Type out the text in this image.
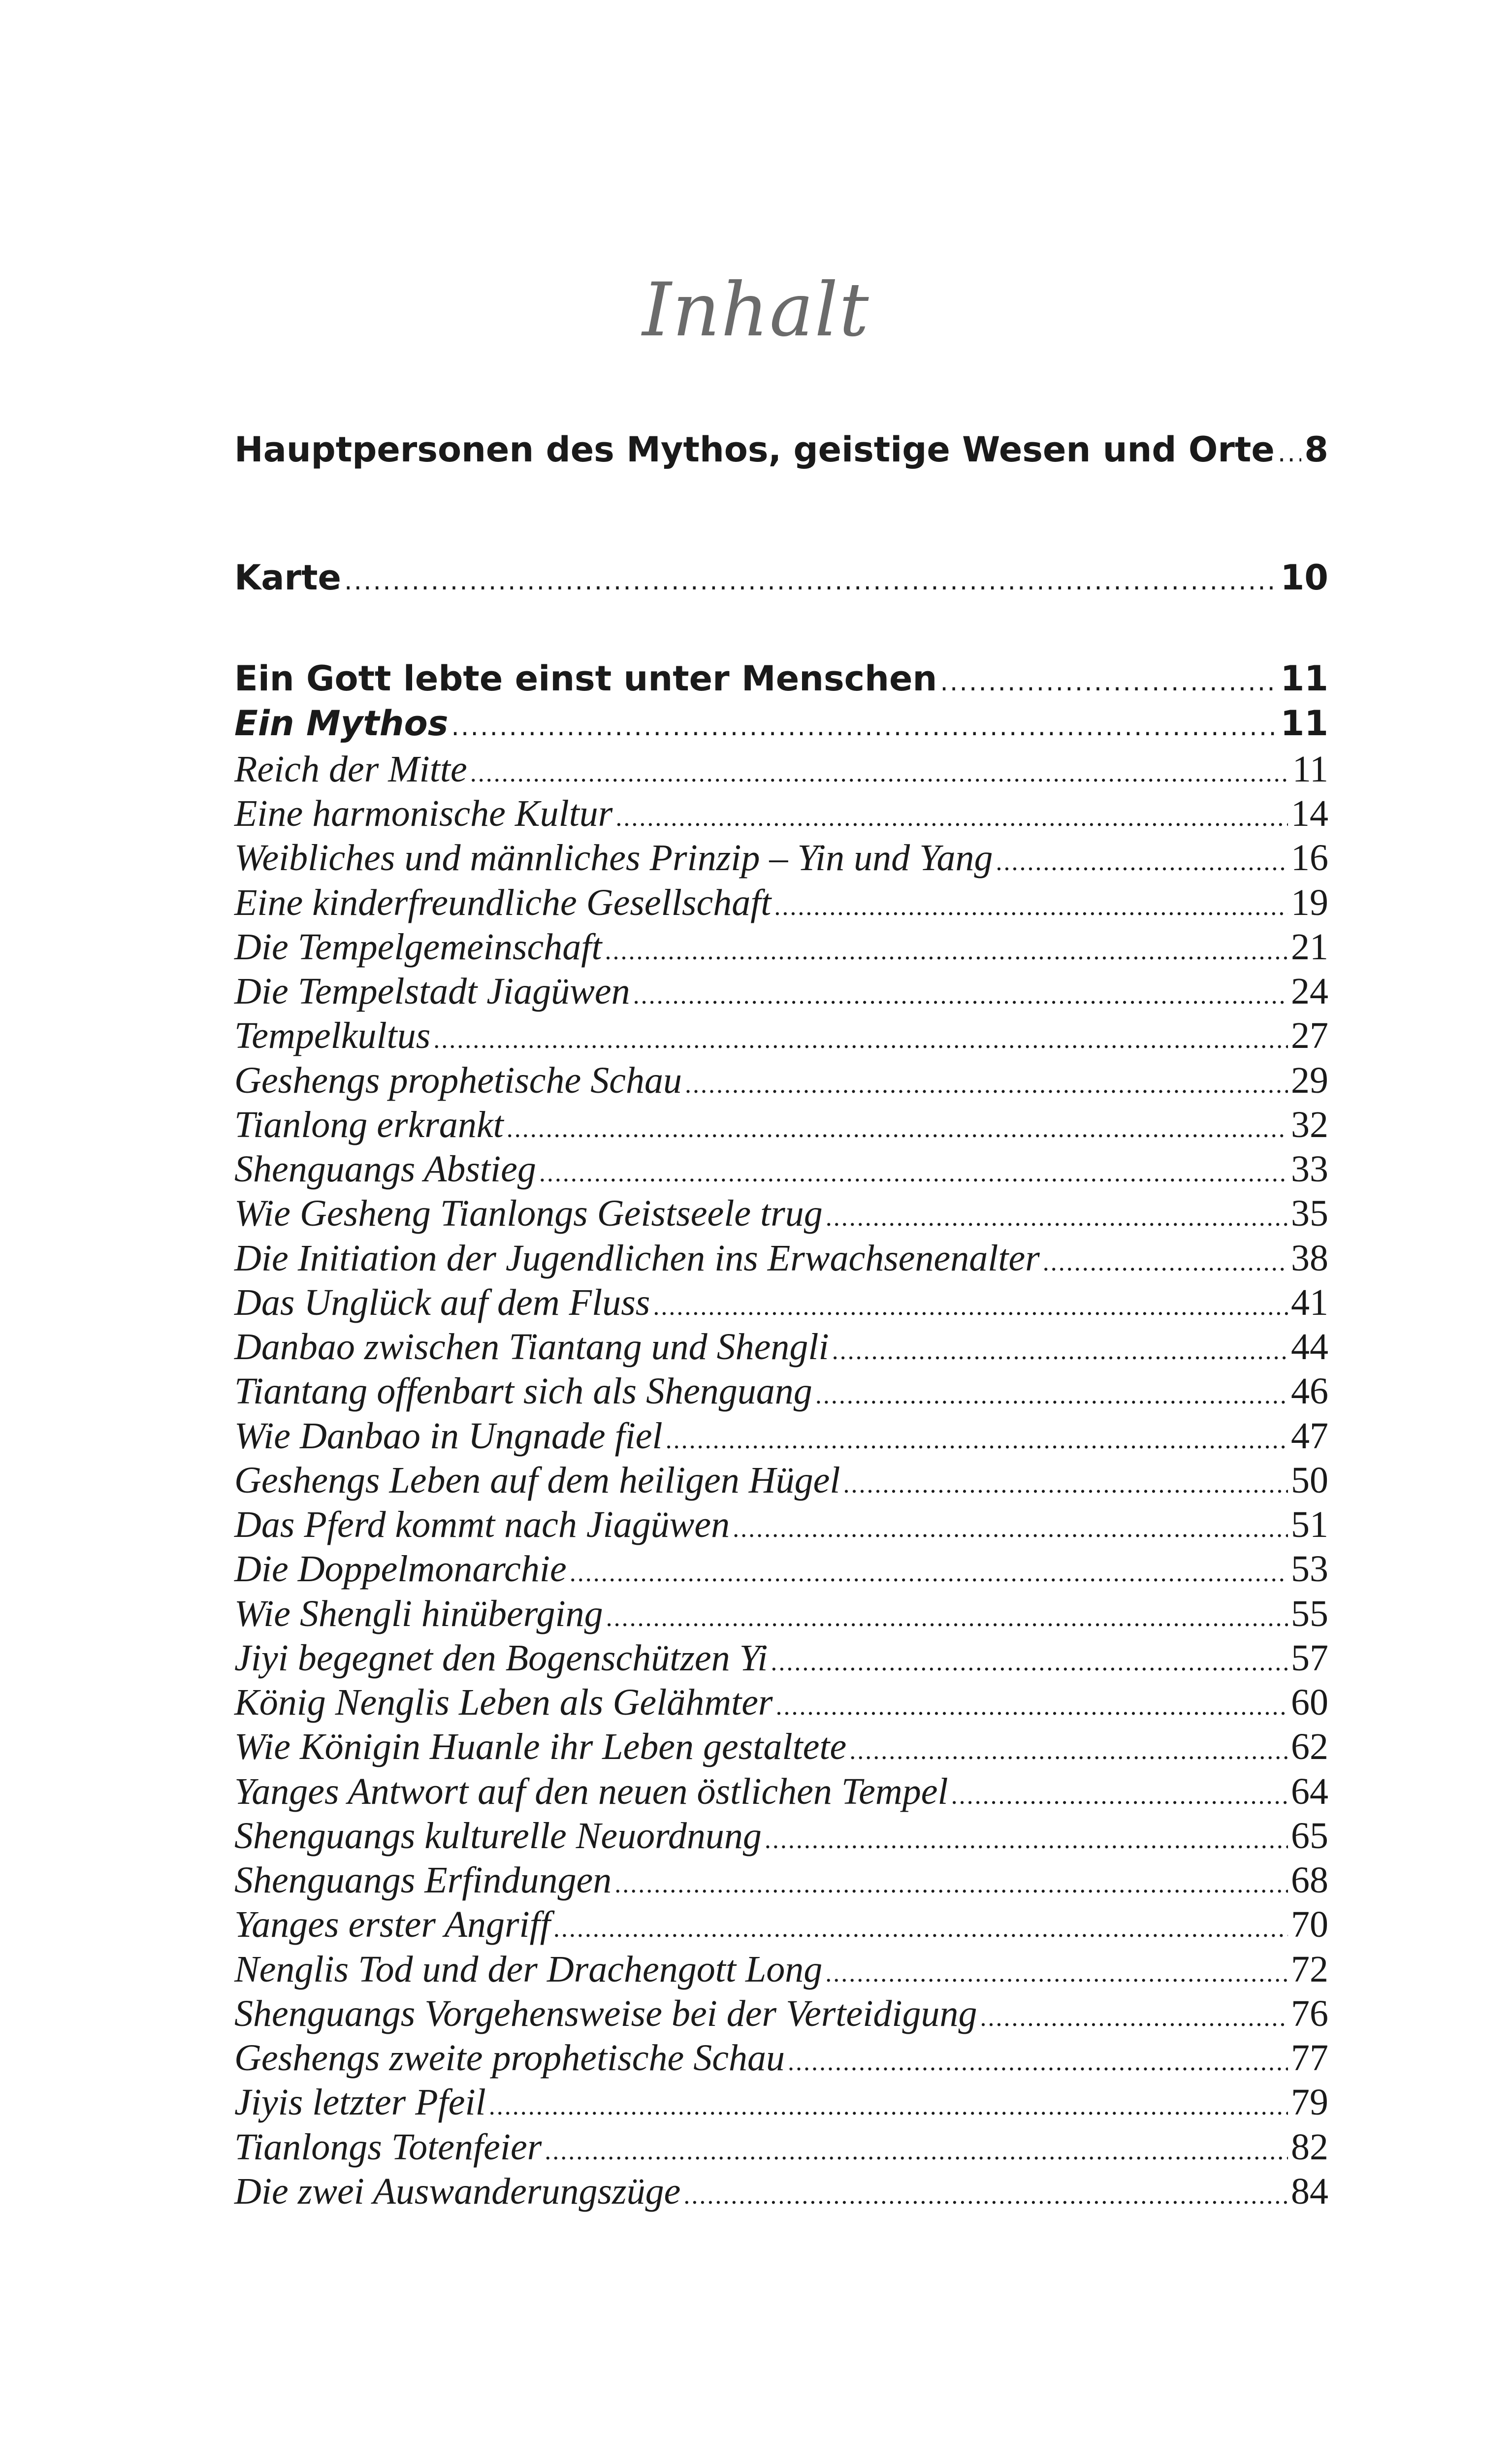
Inhalt
Hauptpersonen des Mythos, geistige Wesen und Orte ..... 8
Karte .....	10
Ein Gott lebte einst unter Menschen .....	11
Ein Mythos .....	11
Reich der Mitte .....	11
Eine harmonische Kultur .....	14
Weibliches und männliches Prinzip – Yin und Yang .....	16
Eine kinderfreundliche Gesellschaft .....	19
Die Tempelgemeinschaft .....	21
Die Tempelstadt Jiagüwen .....	24
Tempelkultus .....	27
Geshengs prophetische Schau .....	29
Tianlong erkrankt .....	32
Shenguangs Abstieg .....	33
Wie Gesheng Tianlongs Geistseele trug .....	35
Die Initiation der Jugendlichen ins Erwachsenenalter .....	38
Das Unglück auf dem Fluss .....	41
Danbao zwischen Tiantang und Shengli .....	44
Tiantang offenbart sich als Shenguang .....	46
Wie Danbao in Ungnade fiel .....	47
Geshengs Leben auf dem heiligen Hügel .....	50
Das Pferd kommt nach Jiagüwen .....	51
Die Doppelmonarchie .....	53
Wie Shengli hinüberging .....	55
Jiyi begegnet den Bogenschützen Yi .....	57
König Nenglis Leben als Gelähmter .....	60
Wie Königin Huanle ihr Leben gestaltete .....	62
Yanges Antwort auf den neuen östlichen Tempel .....	64
Shenguangs kulturelle Neuordnung .....	65
Shenguangs Erfindungen .....	68
Yanges erster Angriff .....	70
Nenglis Tod und der Drachengott Long .....	72
Shenguangs Vorgehensweise bei der Verteidigung .....	76
Geshengs zweite prophetische Schau .....	77
Jiyis letzter Pfeil .....	79
Tianlongs Totenfeier .....	82
Die zwei Auswanderungszüge .....	84
